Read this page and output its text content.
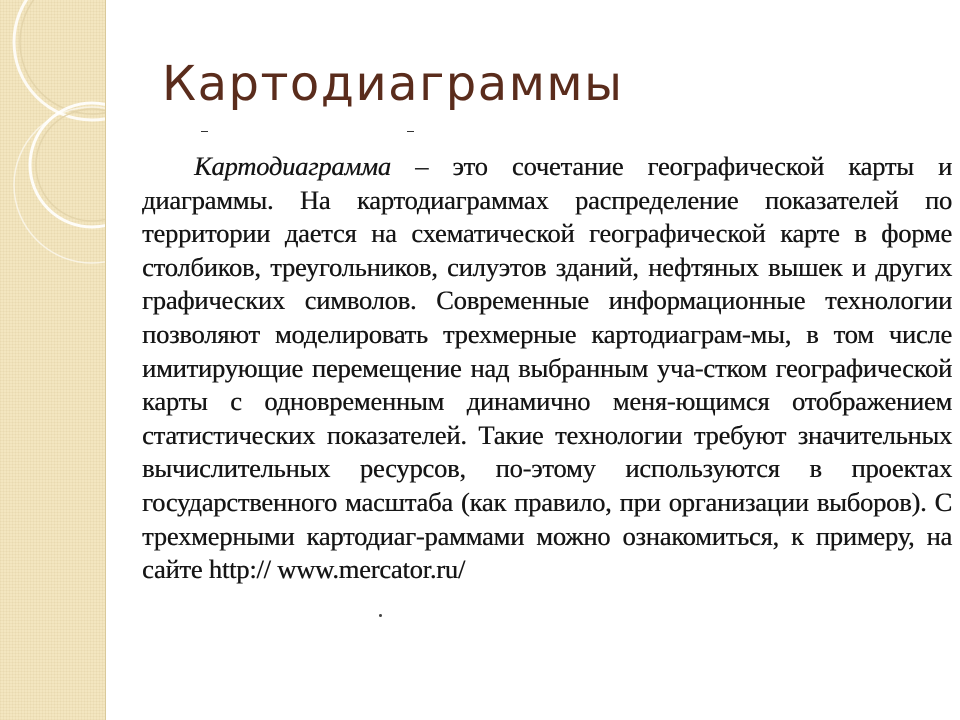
Картодиаграммы

Картодиаграмма – это сочетание географической карты и диаграммы. На картодиаграммах распределение показателей по территории дается на схематической географической карте в форме столбиков, треугольников, силуэтов зданий, нефтяных вышек и других графических символов. Современные информационные технологии позволяют моделировать трехмерные картодиаграм-мы, в том числе имитирующие перемещение над выбранным уча-стком географической карты с одновременным динамично меня-ющимся отображением статистических показателей. Такие технологии требуют значительных вычислительных ресурсов, по-этому используются в проектах государственного масштаба (как правило, при организации выборов). С трехмерными картодиаг-раммами можно ознакомиться, к примеру, на сайте http:// www.mercator.ru/
